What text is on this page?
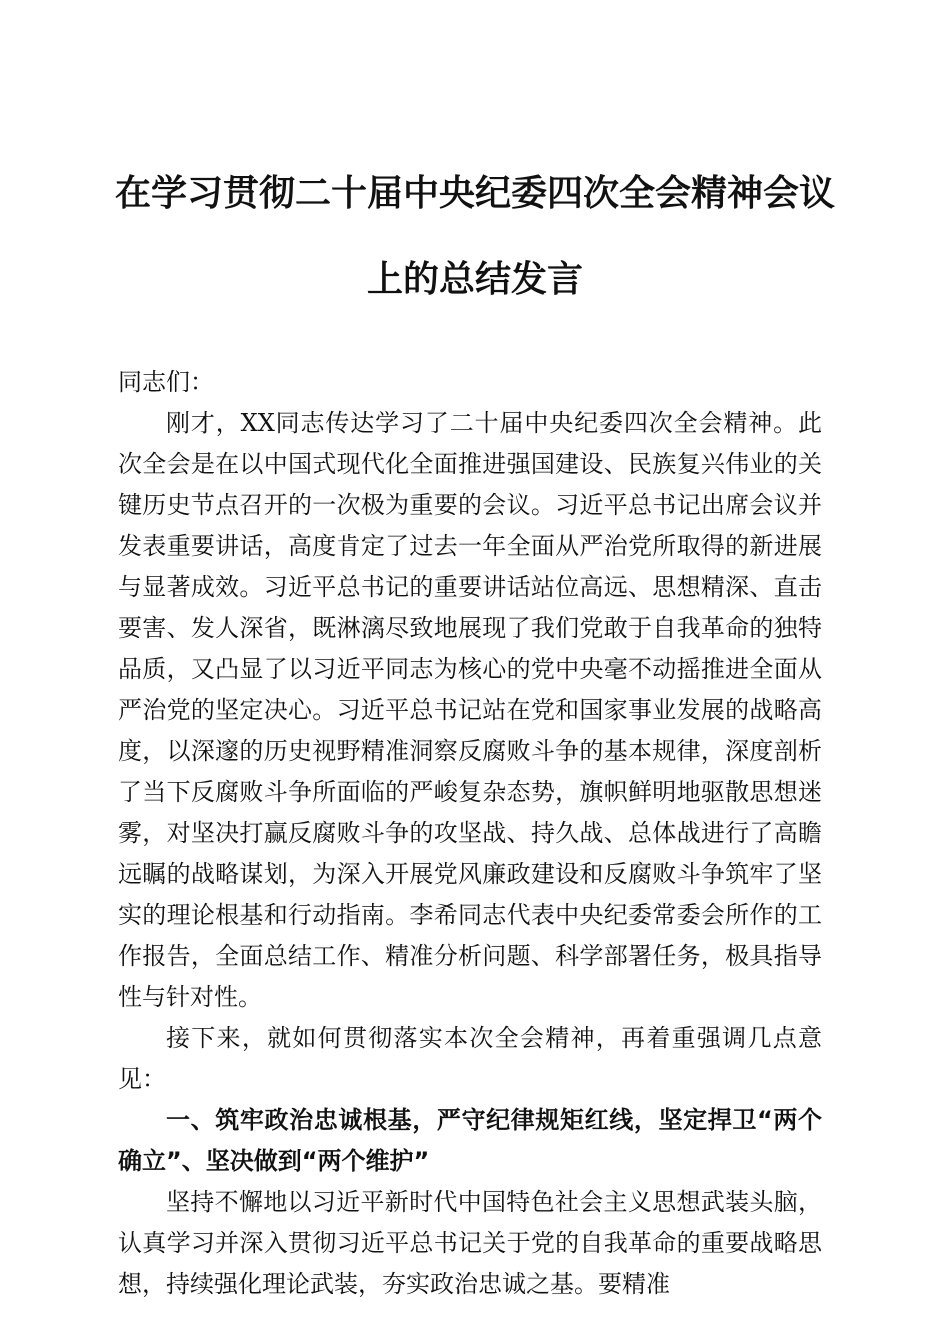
在学习贯彻二十届中央纪委四次全会精神会议
上的总结发言

同志们：

刚才，XX同志传达学习了二十届中央纪委四次全会精神。此次全会是在以中国式现代化全面推进强国建设、民族复兴伟业的关键历史节点召开的一次极为重要的会议。习近平总书记出席会议并发表重要讲话，高度肯定了过去一年全面从严治党所取得的新进展与显著成效。习近平总书记的重要讲话站位高远、思想精深、直击要害、发人深省，既淋漓尽致地展现了我们党敢于自我革命的独特品质，又凸显了以习近平同志为核心的党中央毫不动摇推进全面从严治党的坚定决心。习近平总书记站在党和国家事业发展的战略高度，以深邃的历史视野精准洞察反腐败斗争的基本规律，深度剖析了当下反腐败斗争所面临的严峻复杂态势，旗帜鲜明地驱散思想迷雾，对坚决打赢反腐败斗争的攻坚战、持久战、总体战进行了高瞻远瞩的战略谋划，为深入开展党风廉政建设和反腐败斗争筑牢了坚实的理论根基和行动指南。李希同志代表中央纪委常委会所作的工作报告，全面总结工作、精准分析问题、科学部署任务，极具指导性与针对性。

接下来，就如何贯彻落实本次全会精神，再着重强调几点意见：

一、筑牢政治忠诚根基，严守纪律规矩红线，坚定捍卫“两个确立”、坚决做到“两个维护”

坚持不懈地以习近平新时代中国特色社会主义思想武装头脑，认真学习并深入贯彻习近平总书记关于党的自我革命的重要战略思想，持续强化理论武装，夯实政治忠诚之基。要精准
